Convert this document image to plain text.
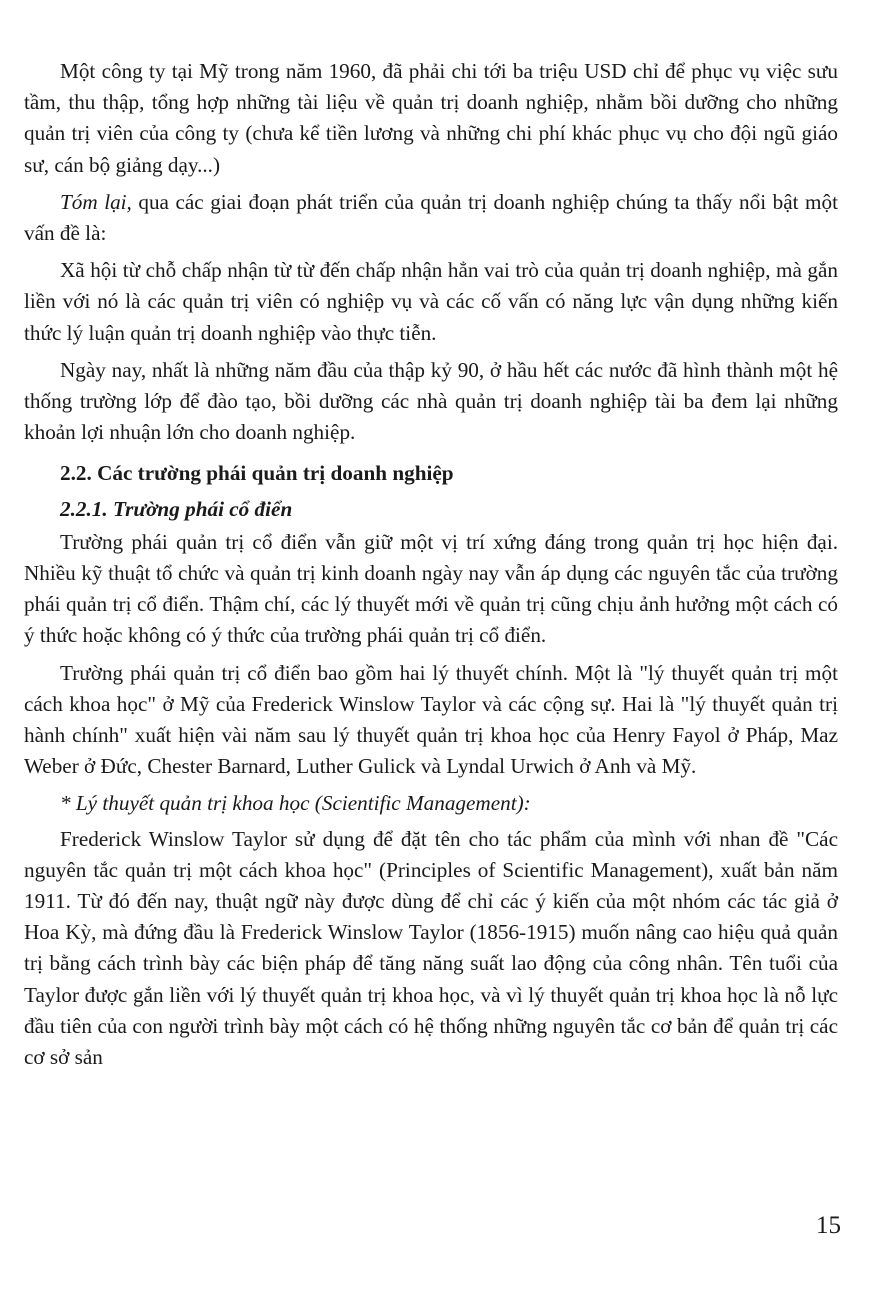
Một công ty tại Mỹ trong năm 1960, đã phải chi tới ba triệu USD chỉ để phục vụ việc sưu tầm, thu thập, tổng hợp những tài liệu về quản trị doanh nghiệp, nhằm bồi dưỡng cho những quản trị viên của công ty (chưa kể tiền lương và những chi phí khác phục vụ cho đội ngũ giáo sư, cán bộ giảng dạy...)

Tóm lại, qua các giai đoạn phát triển của quản trị doanh nghiệp chúng ta thấy nổi bật một vấn đề là:

Xã hội từ chỗ chấp nhận từ từ đến chấp nhận hẳn vai trò của quản trị doanh nghiệp, mà gắn liền với nó là các quản trị viên có nghiệp vụ và các cố vấn có năng lực vận dụng những kiến thức lý luận quản trị doanh nghiệp vào thực tiễn.

Ngày nay, nhất là những năm đầu của thập kỷ 90, ở hầu hết các nước đã hình thành một hệ thống trường lớp để đào tạo, bồi dưỡng các nhà quản trị doanh nghiệp tài ba đem lại những khoản lợi nhuận lớn cho doanh nghiệp.

2.2. Các trường phái quản trị doanh nghiệp
2.2.1. Trường phái cổ điển

Trường phái quản trị cổ điển vẫn giữ một vị trí xứng đáng trong quản trị học hiện đại. Nhiều kỹ thuật tổ chức và quản trị kinh doanh ngày nay vẫn áp dụng các nguyên tắc của trường phái quản trị cổ điển. Thậm chí, các lý thuyết mới về quản trị cũng chịu ảnh hưởng một cách có ý thức hoặc không có ý thức của trường phái quản trị cổ điển.

Trường phái quản trị cổ điển bao gồm hai lý thuyết chính. Một là "lý thuyết quản trị một cách khoa học" ở Mỹ của Frederick Winslow Taylor và các cộng sự. Hai là "lý thuyết quản trị hành chính" xuất hiện vài năm sau lý thuyết quản trị khoa học của Henry Fayol ở Pháp, Maz Weber ở Đức, Chester Barnard, Luther Gulick và Lyndal Urwich ở Anh và Mỹ.

* Lý thuyết quản trị khoa học (Scientific Management):

Frederick Winslow Taylor sử dụng để đặt tên cho tác phẩm của mình với nhan đề "Các nguyên tắc quản trị một cách khoa học" (Principles of Scientific Management), xuất bản năm 1911. Từ đó đến nay, thuật ngữ này được dùng để chỉ các ý kiến của một nhóm các tác giả ở Hoa Kỳ, mà đứng đầu là Frederick Winslow Taylor (1856-1915) muốn nâng cao hiệu quả quản trị bằng cách trình bày các biện pháp để tăng năng suất lao động của công nhân. Tên tuổi của Taylor được gắn liền với lý thuyết quản trị khoa học, và vì lý thuyết quản trị khoa học là nỗ lực đầu tiên của con người trình bày một cách có hệ thống những nguyên tắc cơ bản để quản trị các cơ sở sản

15
